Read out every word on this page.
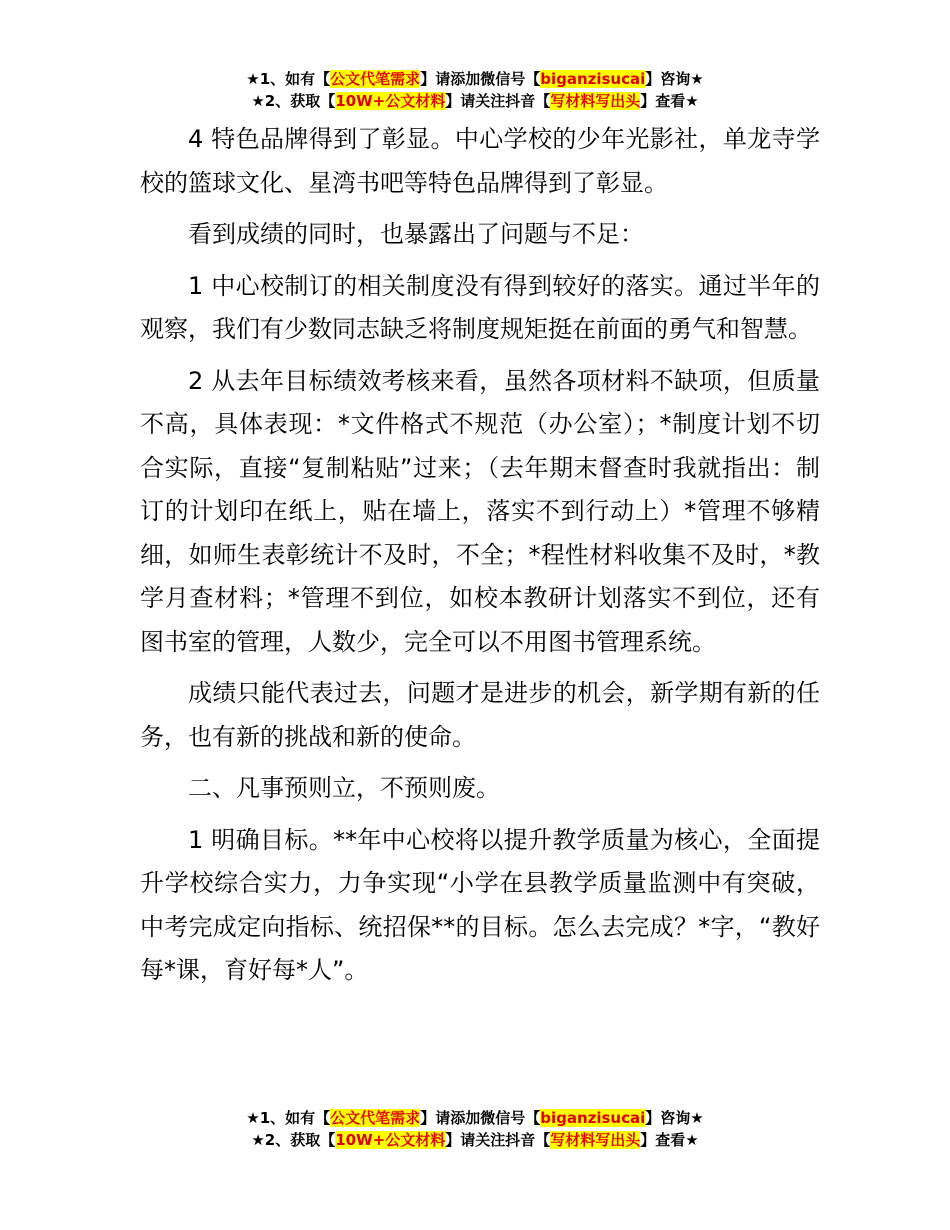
★1、如有【公文代笔需求】请添加微信号【biganzisucai】咨询★
★2、获取【10W+公文材料】请关注抖音【写材料写出头】查看★

4 特色品牌得到了彰显。中心学校的少年光影社，单龙寺学校的篮球文化、星湾书吧等特色品牌得到了彰显。

看到成绩的同时，也暴露出了问题与不足：

1 中心校制订的相关制度没有得到较好的落实。通过半年的观察，我们有少数同志缺乏将制度规矩挺在前面的勇气和智慧。

2 从去年目标绩效考核来看，虽然各项材料不缺项，但质量不高，具体表现：*文件格式不规范（办公室）；*制度计划不切合实际，直接“复制粘贴”过来；（去年期末督查时我就指出：制订的计划印在纸上，贴在墙上，落实不到行动上）*管理不够精细，如师生表彰统计不及时，不全；*程性材料收集不及时，*教学月查材料；*管理不到位，如校本教研计划落实不到位，还有图书室的管理，人数少，完全可以不用图书管理系统。

成绩只能代表过去，问题才是进步的机会，新学期有新的任务，也有新的挑战和新的使命。

二、凡事预则立，不预则废。

1 明确目标。**年中心校将以提升教学质量为核心，全面提升学校综合实力，力争实现“小学在县教学质量监测中有突破，中考完成定向指标、统招保**的目标。怎么去完成？*字，“教好每*课，育好每*人”。

★1、如有【公文代笔需求】请添加微信号【biganzisucai】咨询★
★2、获取【10W+公文材料】请关注抖音【写材料写出头】查看★
